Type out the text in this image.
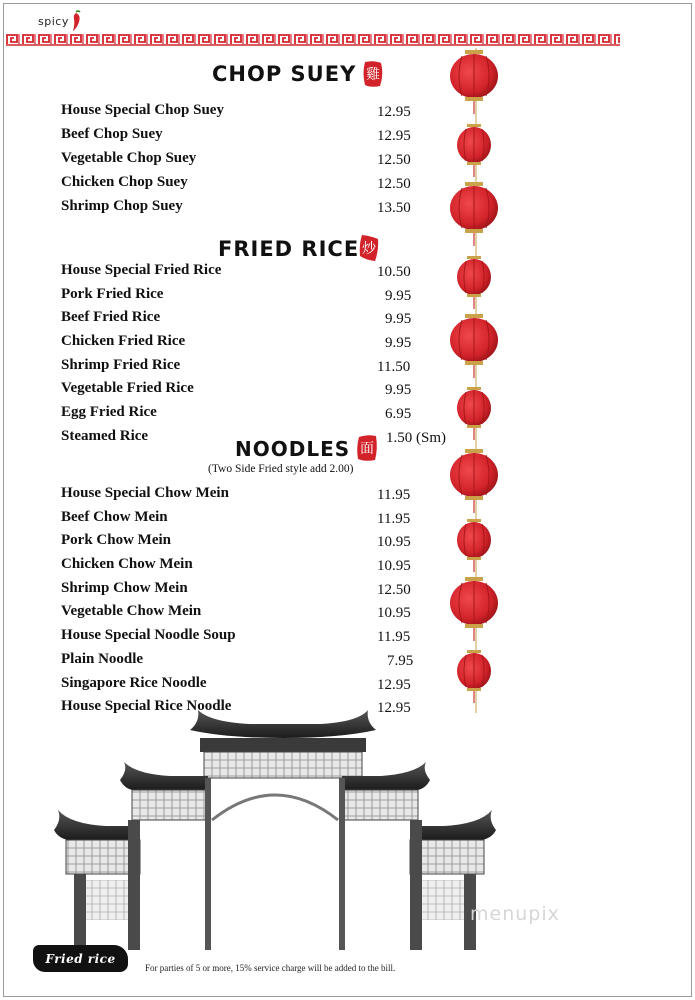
spicy
CHOP SUEY 雞
House Special Chop Suey	12.95
Beef Chop Suey	12.95
Vegetable Chop Suey	12.50
Chicken Chop Suey	12.50
Shrimp Chop Suey	13.50
FRIED RICE 炒
House Special Fried Rice	10.50
Pork Fried Rice	9.95
Beef Fried Rice	9.95
Chicken Fried Rice	9.95
Shrimp Fried Rice	11.50
Vegetable Fried Rice	9.95
Egg Fried Rice	6.95
Steamed Rice	1.50 (Sm)
NOODLES 面
(Two Side Fried style add 2.00)
House Special Chow Mein	11.95
Beef Chow Mein	11.95
Pork Chow Mein	10.95
Chicken Chow Mein	10.95
Shrimp Chow Mein	12.50
Vegetable Chow Mein	10.95
House Special Noodle Soup	11.95
Plain Noodle	7.95
Singapore Rice Noodle	12.95
House Special Rice Noodle	12.95
Fried rice
For parties of 5 or more, 15% service charge will be added to the bill.
menupix
